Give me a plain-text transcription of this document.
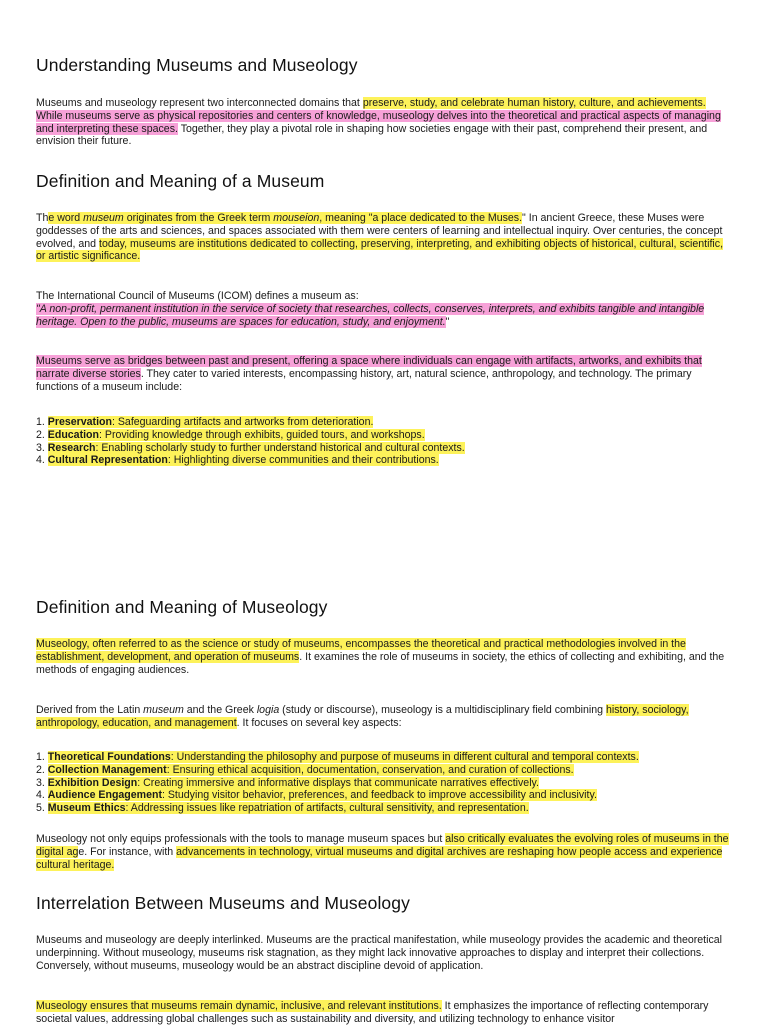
Understanding Museums and Museology

Museums and museology represent two interconnected domains that preserve, study, and celebrate human history, culture, and achievements. While museums serve as physical repositories and centers of knowledge, museology delves into the theoretical and practical aspects of managing and interpreting these spaces. Together, they play a pivotal role in shaping how societies engage with their past, comprehend their present, and envision their future.

Definition and Meaning of a Museum

The word museum originates from the Greek term mouseion, meaning "a place dedicated to the Muses." In ancient Greece, these Muses were goddesses of the arts and sciences, and spaces associated with them were centers of learning and intellectual inquiry. Over centuries, the concept evolved, and today, museums are institutions dedicated to collecting, preserving, interpreting, and exhibiting objects of historical, cultural, scientific, or artistic significance.

The International Council of Museums (ICOM) defines a museum as:
"A non-profit, permanent institution in the service of society that researches, collects, conserves, interprets, and exhibits tangible and intangible heritage. Open to the public, museums are spaces for education, study, and enjoyment."

Museums serve as bridges between past and present, offering a space where individuals can engage with artifacts, artworks, and exhibits that narrate diverse stories. They cater to varied interests, encompassing history, art, natural science, anthropology, and technology. The primary functions of a museum include:

1. Preservation: Safeguarding artifacts and artworks from deterioration.
2. Education: Providing knowledge through exhibits, guided tours, and workshops.
3. Research: Enabling scholarly study to further understand historical and cultural contexts.
4. Cultural Representation: Highlighting diverse communities and their contributions.
Definition and Meaning of Museology

Museology, often referred to as the science or study of museums, encompasses the theoretical and practical methodologies involved in the establishment, development, and operation of museums. It examines the role of museums in society, the ethics of collecting and exhibiting, and the methods of engaging audiences.

Derived from the Latin museum and the Greek logia (study or discourse), museology is a multidisciplinary field combining history, sociology, anthropology, education, and management. It focuses on several key aspects:

1. Theoretical Foundations: Understanding the philosophy and purpose of museums in different cultural and temporal contexts.
2. Collection Management: Ensuring ethical acquisition, documentation, conservation, and curation of collections.
3. Exhibition Design: Creating immersive and informative displays that communicate narratives effectively.
4. Audience Engagement: Studying visitor behavior, preferences, and feedback to improve accessibility and inclusivity.
5. Museum Ethics: Addressing issues like repatriation of artifacts, cultural sensitivity, and representation.

Museology not only equips professionals with the tools to manage museum spaces but also critically evaluates the evolving roles of museums in the digital age. For instance, with advancements in technology, virtual museums and digital archives are reshaping how people access and experience cultural heritage.

Interrelation Between Museums and Museology

Museums and museology are deeply interlinked. Museums are the practical manifestation, while museology provides the academic and theoretical underpinning. Without museology, museums risk stagnation, as they might lack innovative approaches to display and interpret their collections. Conversely, without museums, museology would be an abstract discipline devoid of application.

Museology ensures that museums remain dynamic, inclusive, and relevant institutions. It emphasizes the importance of reflecting contemporary societal values, addressing global challenges such as sustainability and diversity, and utilizing technology to enhance visitor
